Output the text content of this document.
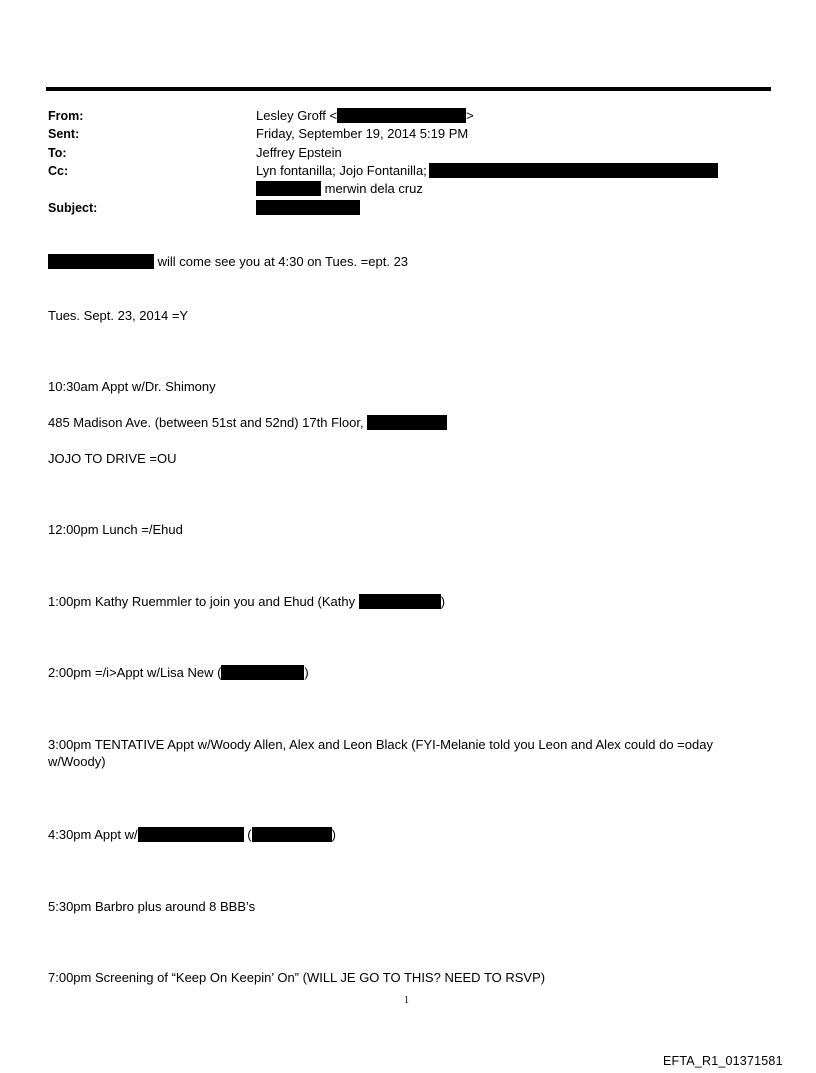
From:	Lesley Groff <	>
Sent:	Friday, September 19, 2014 5:19 PM
To:	Jeffrey Epstein
Cc:	Lyn fontanilla; Jojo Fontanilla;
merwin dela cruz
Subject:
will come see you at 4:30 on Tues. =ept. 23
Tues. Sept. 23, 2014 =Y
10:30am Appt w/Dr. Shimony
485 Madison Ave. (between 51st and 52nd) 17th Floor,
JOJO TO DRIVE =OU
12:00pm Lunch =/Ehud
1:00pm Kathy Ruemmler to join you and Ehud (Kathy	)
2:00pm =/i>Appt w/Lisa New (	)
3:00pm TENTATIVE Appt w/Woody Allen, Alex and Leon Black (FYI-Melanie told you Leon and Alex could do =oday w/Woody)
4:30pm Appt w/	(	)
5:30pm Barbro plus around 8 BBB’s
7:00pm Screening of “Keep On Keepin’ On” (WILL JE GO TO THIS? NEED TO RSVP)
1
EFTA_R1_01371581
